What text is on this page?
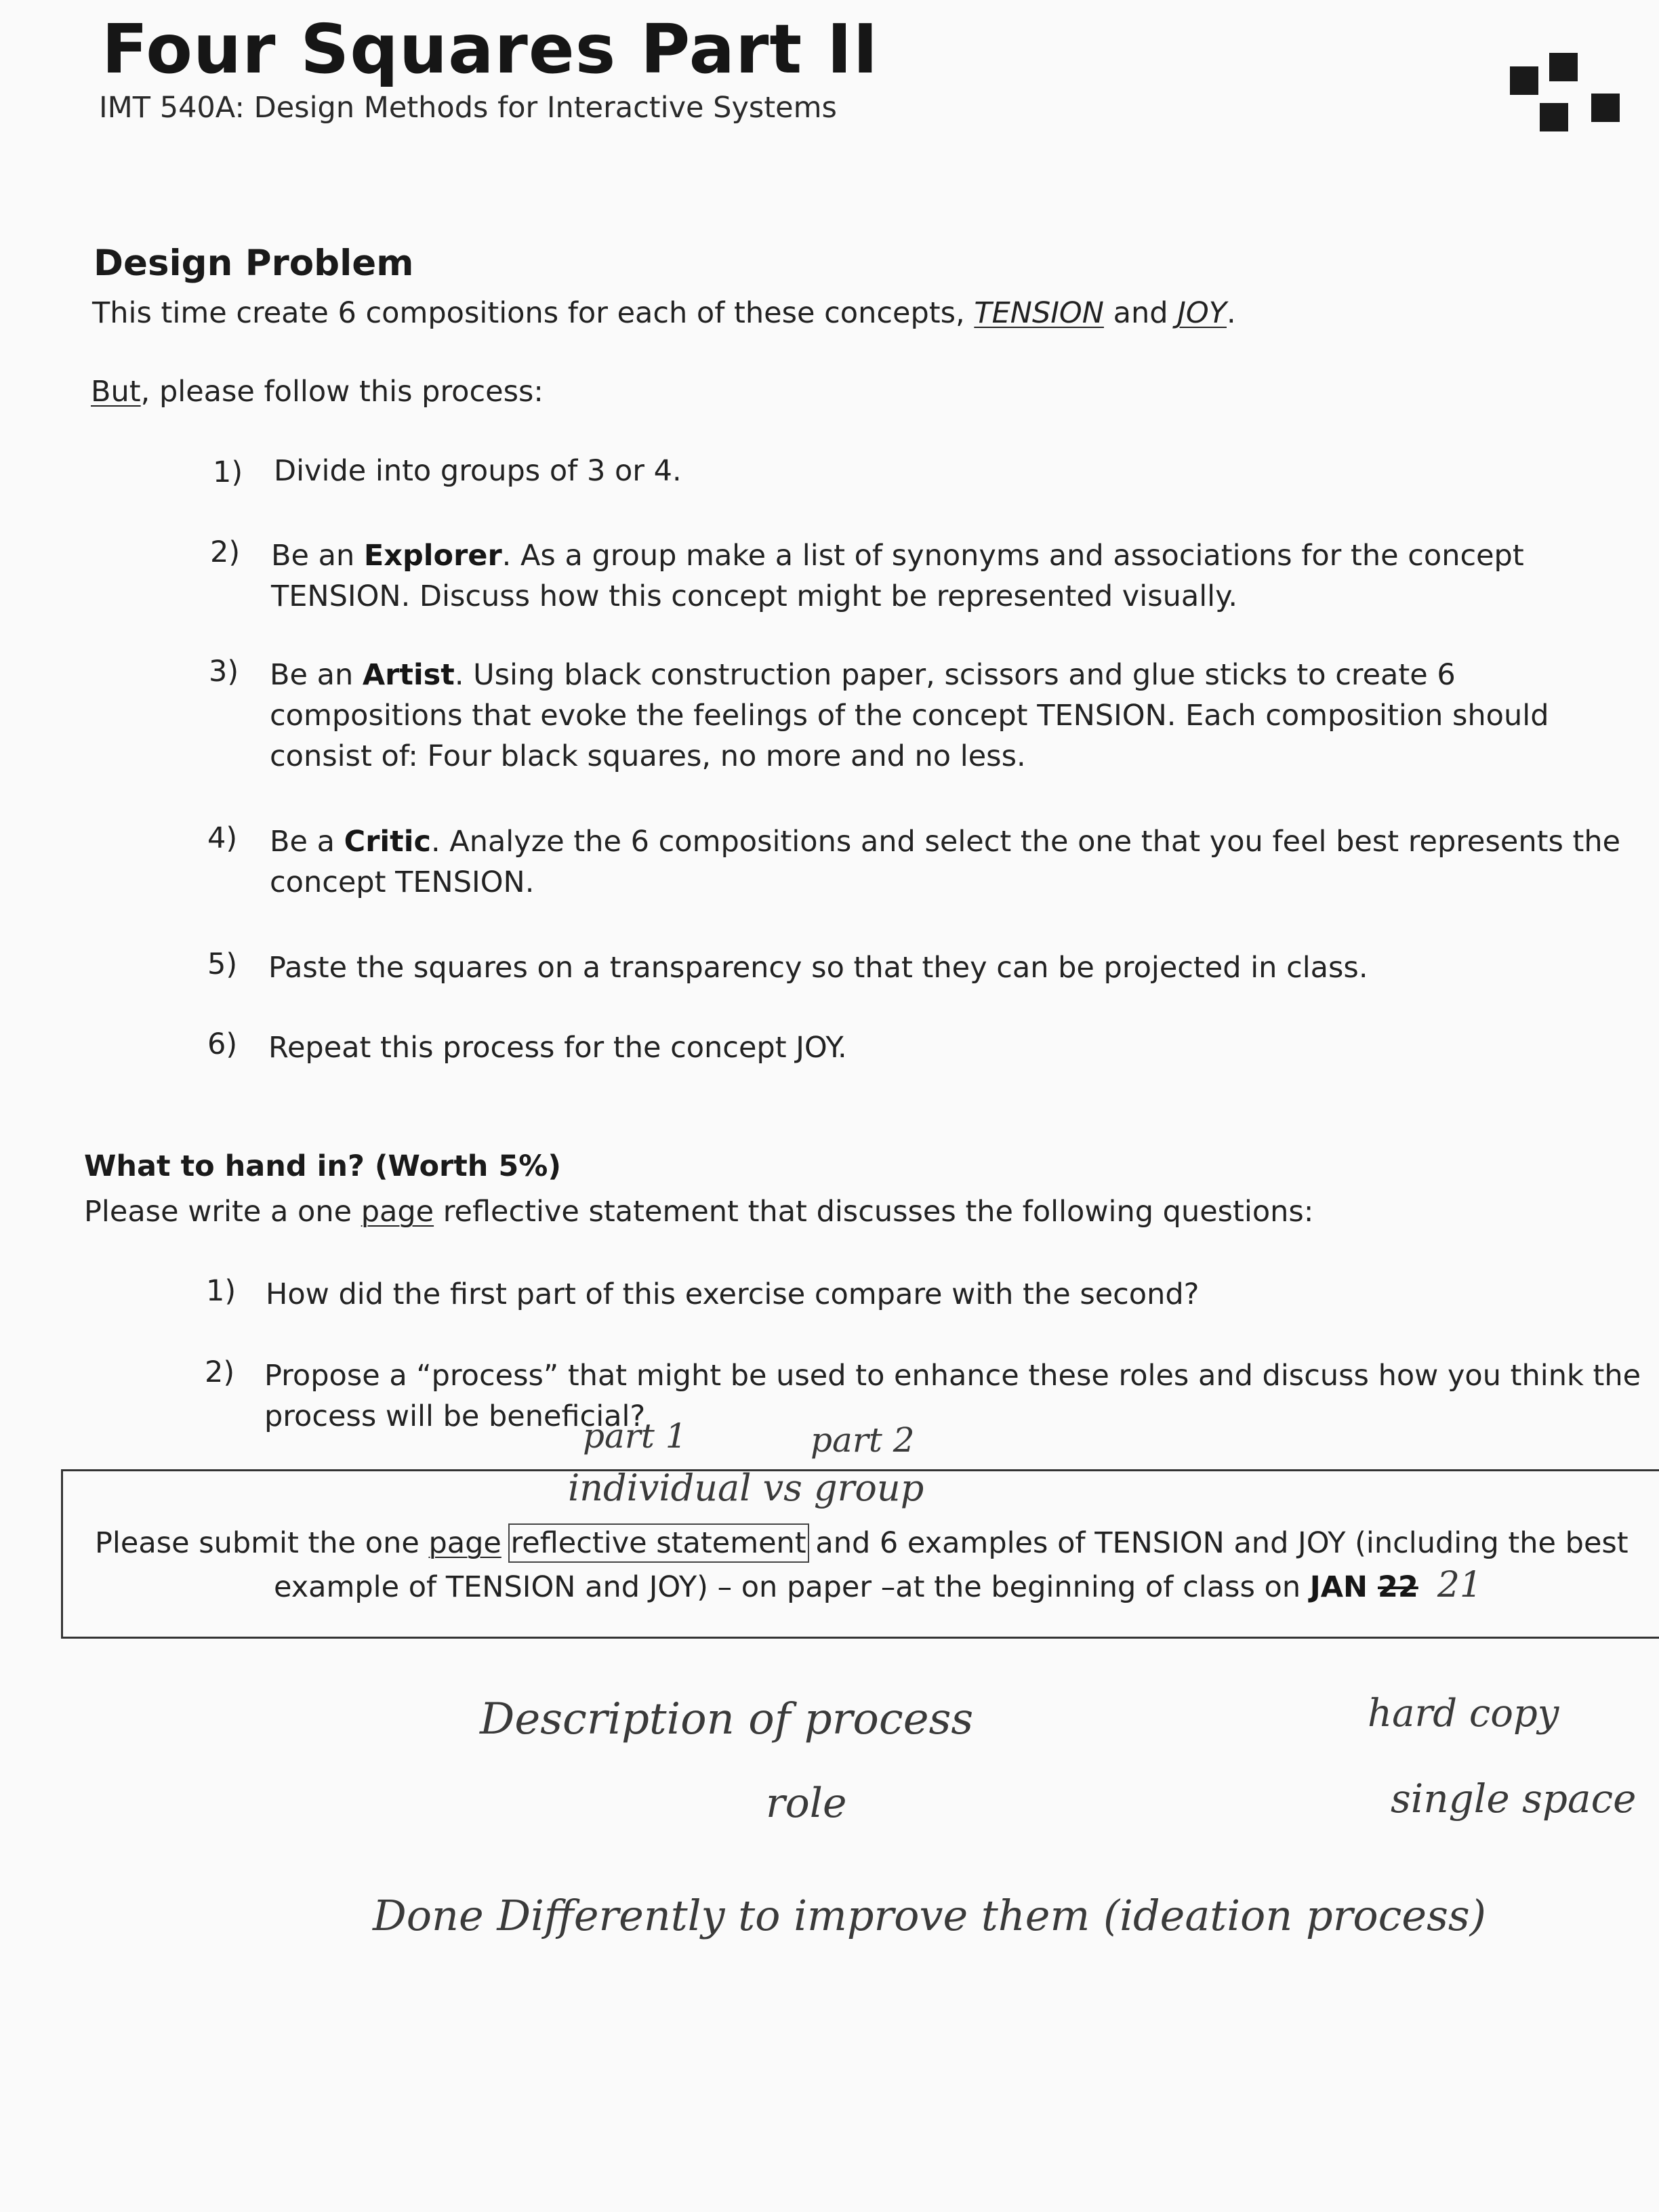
Four Squares Part II
IMT 540A: Design Methods for Interactive Systems
Design Problem
This time create 6 compositions for each of these concepts, TENSION and JOY.
But, please follow this process:
1) Divide into groups of 3 or 4.
2) Be an Explorer. As a group make a list of synonyms and associations for the concept TENSION. Discuss how this concept might be represented visually.
3) Be an Artist. Using black construction paper, scissors and glue sticks to create 6 compositions that evoke the feelings of the concept TENSION. Each composition should consist of: Four black squares, no more and no less.
4) Be a Critic. Analyze the 6 compositions and select the one that you feel best represents the concept TENSION.
5) Paste the squares on a transparency so that they can be projected in class.
6) Repeat this process for the concept JOY.
What to hand in? (Worth 5%)
Please write a one page reflective statement that discusses the following questions:
1) How did the first part of this exercise compare with the second?
2) Propose a “process” that might be used to enhance these roles and discuss how you think the process will be beneficial?
Please submit the one page reflective statement and 6 examples of TENSION and JOY (including the best
example of TENSION and JOY) – on paper –at the beginning of class on JAN 22 21
part 1	part 2
individual vs group
Description of process
role
hard copy
single space
Done Differently to improve them (ideation process)
